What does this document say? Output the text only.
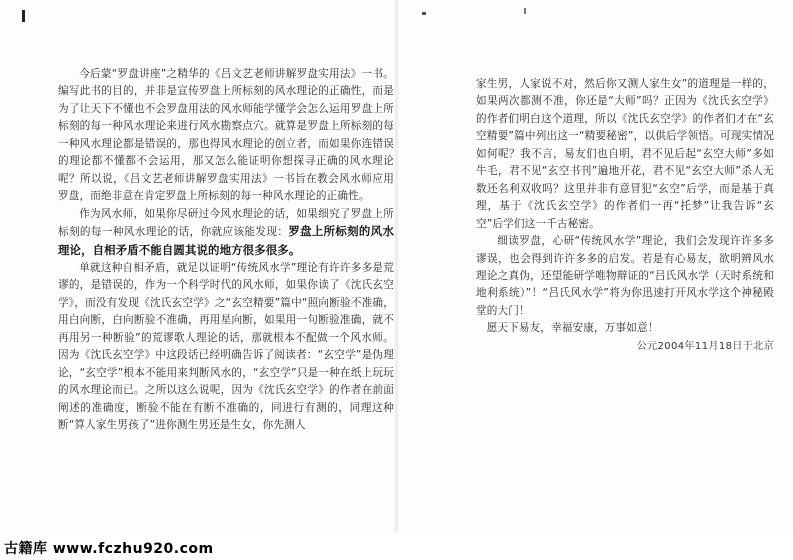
今后蒙“罗盘讲座”之精华的《吕文艺老师讲解罗盘实用法》一书。编写此书的目的，并非是宣传罗盘上所标刻的风水理论的正确性，而是为了让天下不懂也不会罗盘用法的风水师能学懂学会怎么运用罗盘上所标刻的每一种风水理论来进行风水勘察点穴。就算是罗盘上所标刻的每一种风水理论都是错误的，那也得风水理论的创立者，而如果你连错误的理论都不懂都不会运用，那又怎么能证明你想探寻正确的风水理论呢？所以说，《吕文艺老师讲解罗盘实用法》一书旨在教会风水师应用罗盘，而绝非意在肯定罗盘上所标刻的每一种风水理论的正确性。

作为风水师，如果你尽研过今风水理论的话，如果细究了罗盘上所标刻的每一种风水理论的话，你就应该能发现：罗盘上所标刻的风水理论，自相矛盾不能自圆其说的地方很多很多。

单就这种自相矛盾，就足以证明“传统风水学”理论有许许多多是荒谬的，是错误的，作为一个科学时代的风水师，如果你读了《沈氏玄空学》，而没有发现《沈氏玄空学》之“玄空精要”篇中“照向断验不准确，用白向断，白向断验不准确，再用星向断，如果用一句断验准确，就不再用另一种断验”的荒谬歌人理论的话，那就根本不配做一个风水师。因为《沈氏玄空学》中这段话已经明确告诉了阅读者：“玄空学”是伪理论，“玄空学”根本不能用来判断风水的，“玄空学”只是一种在纸上玩玩的风水理论而已。之所以这么说呢，因为《沈氏玄空学》的作者在前面阐述的准确度，断验不能在有断不准确的，同进行有测的，同理这种断“算人家生男孩了”进你测生男还是生女，你先测人

家生男，人家说不对，然后你又测人家生女”的道理是一样的，如果两次都测不准，你还是“大师”吗？正因为《沈氏玄空学》的作者们明白这个道理，所以《沈氏玄空学》的作者们才在“玄空精要”篇中列出这一“精要秘密”，以供后学领悟。可现实情况如何呢？我不言，易友们也自明，君不见后起“玄空大师”多如牛毛，君不见“玄空书刊”遍地开花，君不见“玄空大师”杀人无数还名利双收吗？这里并非有意冒犯“玄空”后学，而是基于真理，基于《沈氏玄空学》的作者们一再“托梦”让我告诉“玄空”后学们这一千古秘密。

细读罗盘，心研“传统风水学”理论，我们会发现许许多多谬误，也会得到许许多多的启发。若是有心易友，欲明辨风水理论之真伪，还望能研学唯物辩证的“吕氏风水学（天时系统和地利系统）”！“吕氏风水学”将为你迅速打开风水学这个神秘殿堂的大门！

愿天下易友，幸福安康，万事如意！

公元2004年11月18日于北京

古籍库 www.fczhu920.com
